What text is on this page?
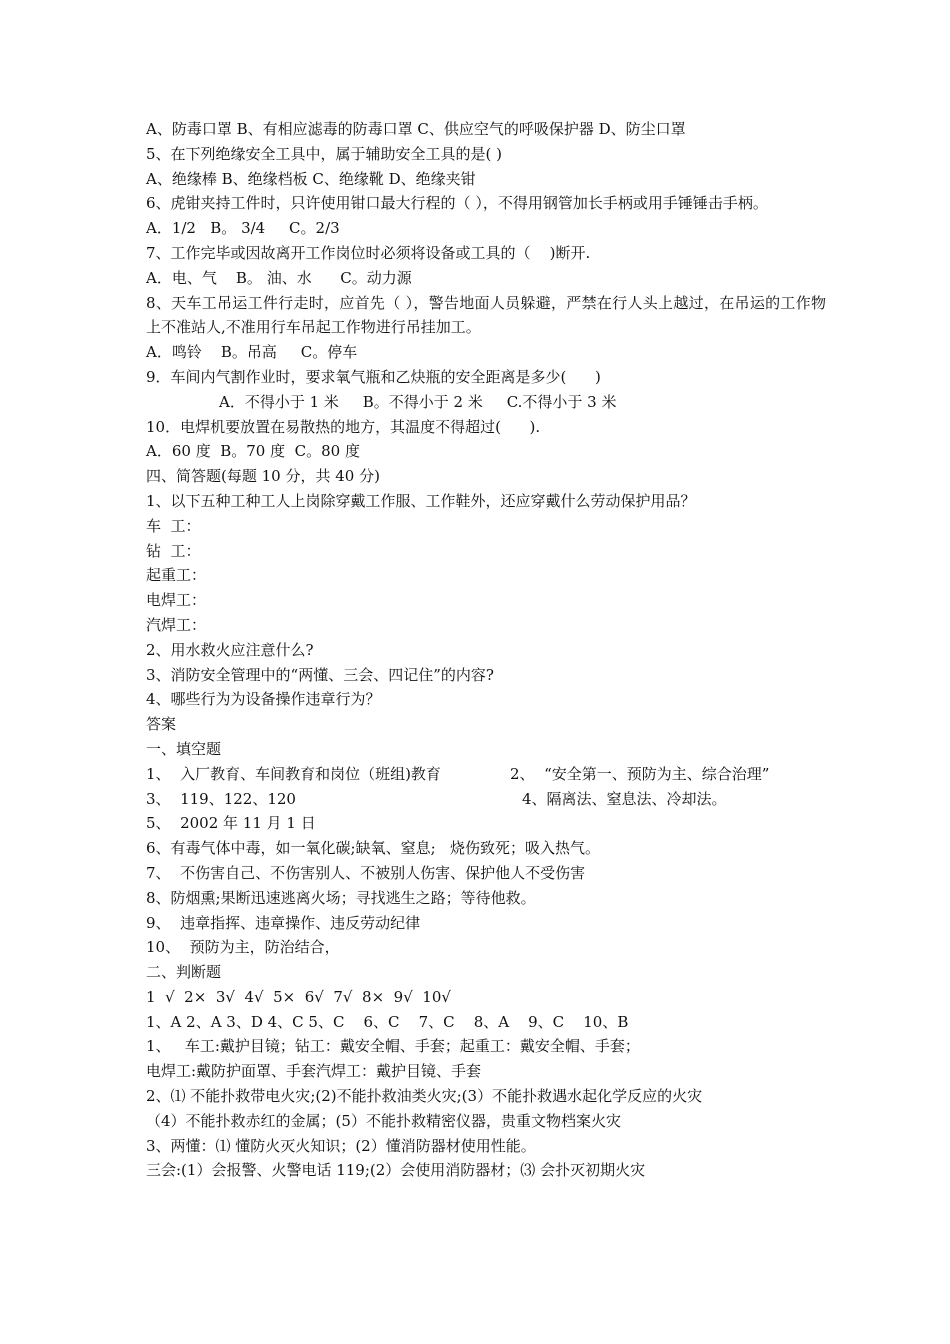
A、防毒口罩 B、有相应滤毒的防毒口罩 C、供应空气的呼吸保护器 D、防尘口罩
5、在下列绝缘安全工具中，属于辅助安全工具的是( )
A、绝缘棒 B、绝缘档板 C、绝缘靴 D、绝缘夹钳
6、虎钳夹持工件时，只许使用钳口最大行程的（ ），不得用钢管加长手柄或用手锤锤击手柄。
A．1/2   B。 3/4     C。2/3
7、工作完毕或因故离开工作岗位时必须将设备或工具的（    )断开.
A．电、气    B。 油、水      C。动力源
8、天车工吊运工件行走时，应首先（ ），警告地面人员躲避，严禁在行人头上越过，在吊运的工作物上不准站人,不准用行车吊起工作物进行吊挂加工。
A．鸣铃    B。吊高     C。停车
9．车间内气割作业时，要求氧气瓶和乙炔瓶的安全距离是多少(      )
A．不得小于 1 米     B。不得小于 2 米     C.不得小于 3 米
10．电焊机要放置在易散热的地方，其温度不得超过(      ).
A．60 度  B。70 度  C。80 度
四、简答题(每题 10 分，共 40 分)
1、以下五种工种工人上岗除穿戴工作服、工作鞋外，还应穿戴什么劳动保护用品？
车  工：
钻  工：
起重工：
电焊工：
汽焊工：
2、用水救火应注意什么?
3、消防安全管理中的“两懂、三会、四记住”的内容?
4、哪些行为为设备操作违章行为？
答案
一、填空题
1、  入厂教育、车间教育和岗位（班组)教育	2、  “安全第一、预防为主、综合治理”
3、  119、122、120	4、隔离法、窒息法、冷却法。
5、  2002 年 11 月 1 日
6、有毒气体中毒，如一氧化碳;缺氧、窒息;   烧伤致死；吸入热气。
7、  不伤害自己、不伤害别人、不被别人伤害、保护他人不受伤害
8、防烟熏;果断迅速逃离火场；寻找逃生之路；等待他救。
9、  违章指挥、违章操作、违反劳动纪律
10、  预防为主，防治结合，
二、判断题
1  √  2×  3√  4√  5×  6√  7√  8×  9√  10√
1、A 2、A 3、D 4、C 5、C    6、C    7、C    8、A    9、C    10、B
1、   车工:戴护目镜；钻工：戴安全帽、手套；起重工：戴安全帽、手套；
电焊工:戴防护面罩、手套汽焊工：戴护目镜、手套
2、⑴ 不能扑救带电火灾;(2)不能扑救油类火灾;(3）不能扑救遇水起化学反应的火灾
（4）不能扑救赤红的金属；(5）不能扑救精密仪器，贵重文物档案火灾
3、两懂：⑴ 懂防火灭火知识；(2）懂消防器材使用性能。
三会:(1）会报警、火警电话 119;(2）会使用消防器材；⑶ 会扑灭初期火灾
